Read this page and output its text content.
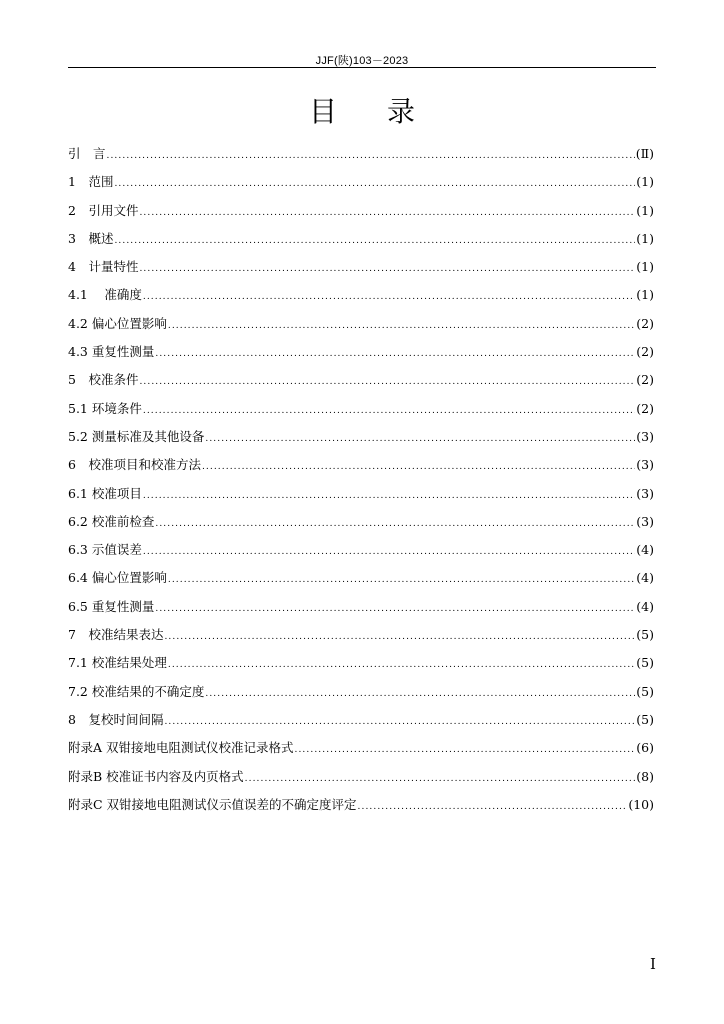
JJF(陕)103－2023
目 录
引　言 .....	(Ⅱ)
1　范围 .....	(1)
2　引用文件 .....	(1)
3　概述 .....	(1)
4　计量特性 .....	(1)
4.1　 准确度 .....	(1)
4.2 偏心位置影响 .....	(2)
4.3 重复性测量 .....	(2)
5　校准条件 .....	(2)
5.1 环境条件 .....	(2)
5.2 测量标准及其他设备 .....	(3)
6　校准项目和校准方法 .....	(3)
6.1 校准项目 .....	(3)
6.2 校准前检查 .....	(3)
6.3 示值误差 .....	(4)
6.4 偏心位置影响 .....	(4)
6.5 重复性测量 .....	(4)
7　校准结果表达 .....	(5)
7.1 校准结果处理 .....	(5)
7.2 校准结果的不确定度 .....	(5)
8　复校时间间隔 .....	(5)
附录A 双钳接地电阻测试仪校准记录格式 .....	(6)
附录B 校准证书内容及内页格式 .....	(8)
附录C 双钳接地电阻测试仪示值误差的不确定度评定 .....	(10)
I
